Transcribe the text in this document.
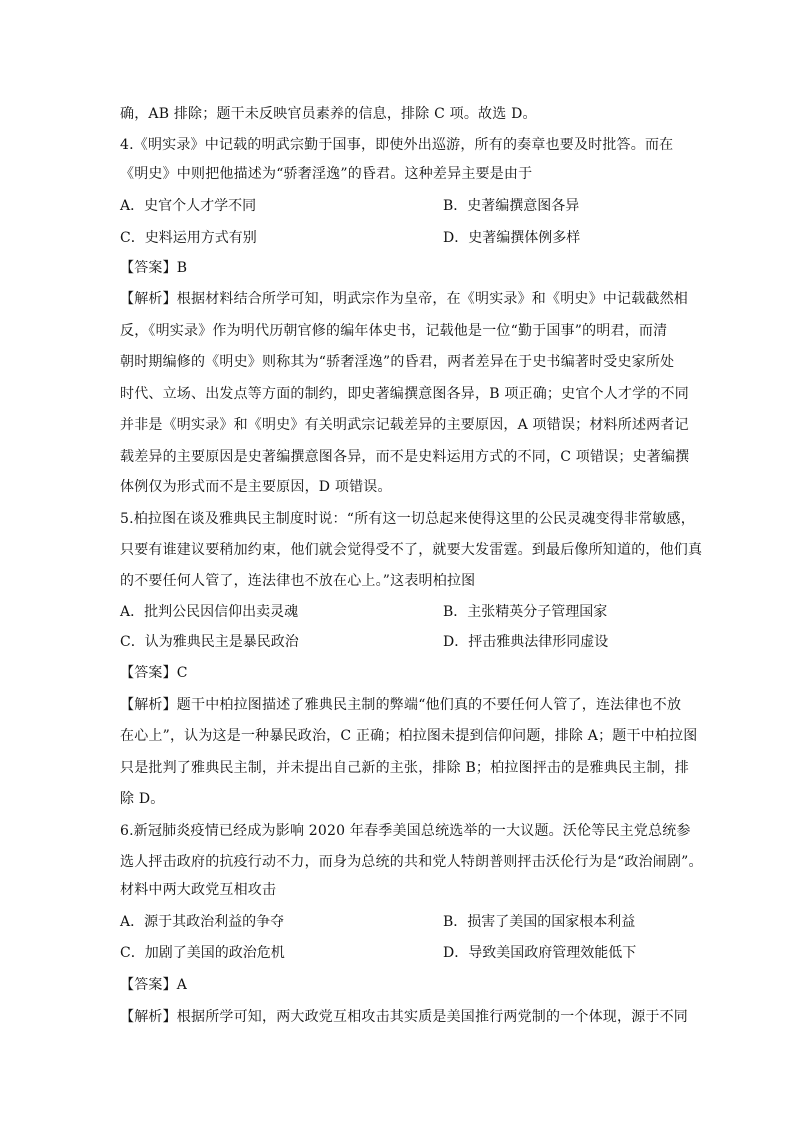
确，AB 排除；题干未反映官员素养的信息，排除 C 项。故选 D。
4.《明实录》中记载的明武宗勤于国事，即使外出巡游，所有的奏章也要及时批答。而在
《明史》中则把他描述为“骄奢淫逸”的昏君。这种差异主要是由于
A．史官个人才学不同	B．史著编撰意图各异
C．史料运用方式有别	D．史著编撰体例多样
【答案】B
【解析】根据材料结合所学可知，明武宗作为皇帝，在《明实录》和《明史》中记载截然相
反，《明实录》作为明代历朝官修的编年体史书，记载他是一位“勤于国事”的明君，而清
朝时期编修的《明史》则称其为“骄奢淫逸”的昏君，两者差异在于史书编著时受史家所处
时代、立场、出发点等方面的制约，即史著编撰意图各异，B 项正确；史官个人才学的不同
并非是《明实录》和《明史》有关明武宗记载差异的主要原因，A 项错误；材料所述两者记
载差异的主要原因是史著编撰意图各异，而不是史料运用方式的不同，C 项错误；史著编撰
体例仅为形式而不是主要原因，D 项错误。
5.柏拉图在谈及雅典民主制度时说：“所有这一切总起来使得这里的公民灵魂变得非常敏感，
只要有谁建议要稍加约束，他们就会觉得受不了，就要大发雷霆。到最后像所知道的，他们真
的不要任何人管了，连法律也不放在心上。”这表明柏拉图
A．批判公民因信仰出卖灵魂	B．主张精英分子管理国家
C．认为雅典民主是暴民政治	D．抨击雅典法律形同虚设
【答案】C
【解析】题干中柏拉图描述了雅典民主制的弊端“他们真的不要任何人管了，连法律也不放
在心上”，认为这是一种暴民政治，C 正确；柏拉图未提到信仰问题，排除 A；题干中柏拉图
只是批判了雅典民主制，并未提出自己新的主张，排除 B；柏拉图抨击的是雅典民主制，排
除 D。
6.新冠肺炎疫情已经成为影响 2020 年春季美国总统选举的一大议题。沃伦等民主党总统参
选人抨击政府的抗疫行动不力，而身为总统的共和党人特朗普则抨击沃伦行为是“政治闹剧”。
材料中两大政党互相攻击
A．源于其政治利益的争夺	B．损害了美国的国家根本利益
C．加剧了美国的政治危机	D．导致美国政府管理效能低下
【答案】A
【解析】根据所学可知，两大政党互相攻击其实质是美国推行两党制的一个体现，源于不同
